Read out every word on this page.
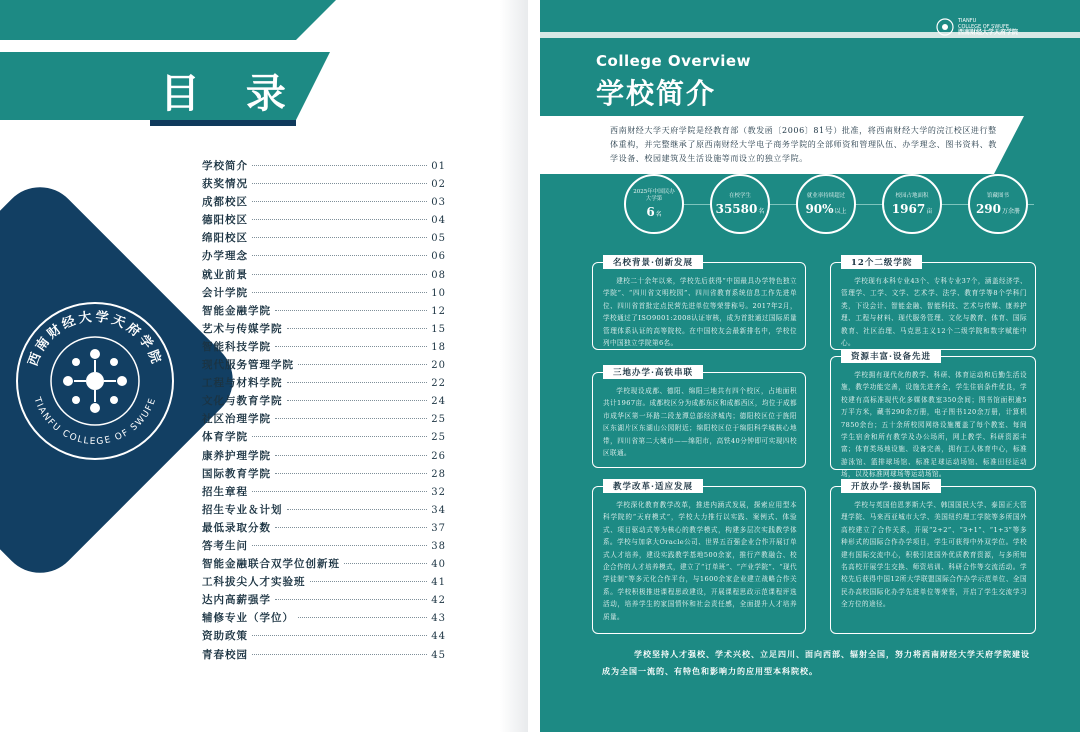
目 录
西南财经大学天府学院
TIANFU COLLEGE OF SWUFE
学校简介	01
获奖情况	02
成都校区	03
德阳校区	04
绵阳校区	05
办学理念	06
就业前景	08
会计学院	10
智能金融学院	12
艺术与传媒学院	15
智能科技学院	18
现代服务管理学院	20
工程与材料学院	22
文化与教育学院	24
社区治理学院	25
体育学院	25
康养护理学院	26
国际教育学院	28
招生章程	32
招生专业＆计划	34
最低录取分数	37
答考生问	38
智能金融联合双学位创新班	40
工科拔尖人才实验班	41
达内高薪强学	42
辅修专业（学位）	43
资助政策	44
青春校园	45
TIANFU
COLLEGE OF SWUFE
西南财经大学天府学院
College Overview
学校简介
西南财经大学天府学院是经教育部（教发函〔2006〕81号）批准，将西南财经大学的浣江校区进行整体重构，并完整继承了原西南财经大学电子商务学院的全部师资和管理队伍、办学理念、图书资料、教学设备、校园建筑及生活设施等而设立的独立学院。
2025年中国民办大学第
6 名
在校学生
35580 名
就业率持续超过
90% 以上
校园占地面积
1967 亩
馆藏图书
290 万余册
名校背景·创新发展
建校二十余年以来，学校先后获得“中国最具办学特色独立学院”、“四川省文明校园”、四川省教育系统信息工作先进单位、四川省首批定点民营先进单位等荣誉称号。2017年2月，学校通过了ISO9001:2008认证审核，成为首批通过国际质量管理体系认证的高等院校。在中国校友会最新排名中，学校位列中国独立学院第6名。
12个二级学院
学校现有本科专业43个、专科专业37个，涵盖经济学、管理学、工学、文学、艺术学、法学、教育学等8个学科门类，下设会计、智能金融、智能科技、艺术与传媒、康养护理、工程与材料、现代服务管理、文化与教育、体育、国际教育、社区治理、马克思主义12个二级学院和数字赋能中心。
三地办学·高铁串联
学校现设成都、德阳、绵阳三地共有四个校区，占地面积共计1967亩。成都校区分为成都东区和成都西区，均位于成都市成华区第一环路二段龙潭总部经济城内；德阳校区位于旌阳区东湖片区东湖山公园附近；绵阳校区位于绵阳科学城核心地带，四川省第二大城市——绵阳市，高铁40分钟即可实现四校区联通。
资源丰富·设备先进
学校拥有现代化的教学、科研、体育运动和后勤生活设施，教学功能完善，设施先进齐全，学生住宿条件优良，学校建有高标准现代化多媒体教室350余间；图书馆面积逾5万平方米，藏书290余万册，电子图书120余万册，计算机7850余台；五十余所校园网络设施覆盖了每个教室、每间学生宿舍和所有教学及办公场所，网上教学、科研资源丰富；体育类场地设施、设备完善，拥有工人体育中心，标准游泳馆、篮排球场馆、标准足球运动场馆、标准田径运动场，以及标准网球场等运动场馆。
教学改革·适应发展
学校深化教育教学改革，推进内涵式发展，探索应用型本科学院的“天府模式”，学校大力推行以实践、案例式、体验式、项目驱动式等为核心的教学模式，构建多层次实践教学体系。学校与加拿大Oracle公司、世界五百强企业合作开展订单式人才培养，建设实践教学基地500余家，推行产教融合、校企合作的人才培养模式，建立了“订单班”、“产业学院”、“现代学徒制”等多元化合作平台，与1600余家企业建立战略合作关系。学校积极推进课程思政建设，开展课程思政示范课程评选活动，培养学生的家国情怀和社会责任感，全面提升人才培养质量。
开放办学·接轨国际
学校与英国伯恩茅斯大学、韩国国民大学、泰国正大管理学院、马来西亚城市大学、美国纽约理工学院等多所国外高校建立了合作关系，开展“2+2”、“3+1”、“1+3”等多种形式的国际合作办学项目，学生可获得中外双学位。学校建有国际交流中心，积极引进国外优质教育资源，与多所知名高校开展学生交换、师资培训、科研合作等交流活动。学校先后获得中国12所大学联盟国际合作办学示范单位、全国民办高校国际化办学先进单位等荣誉，开启了学生交流学习全方位的途径。
学校坚持人才强校、学术兴校、立足四川、面向西部、辐射全国，努力将西南财经大学天府学院建设成为全国一流的、有特色和影响力的应用型本科院校。
